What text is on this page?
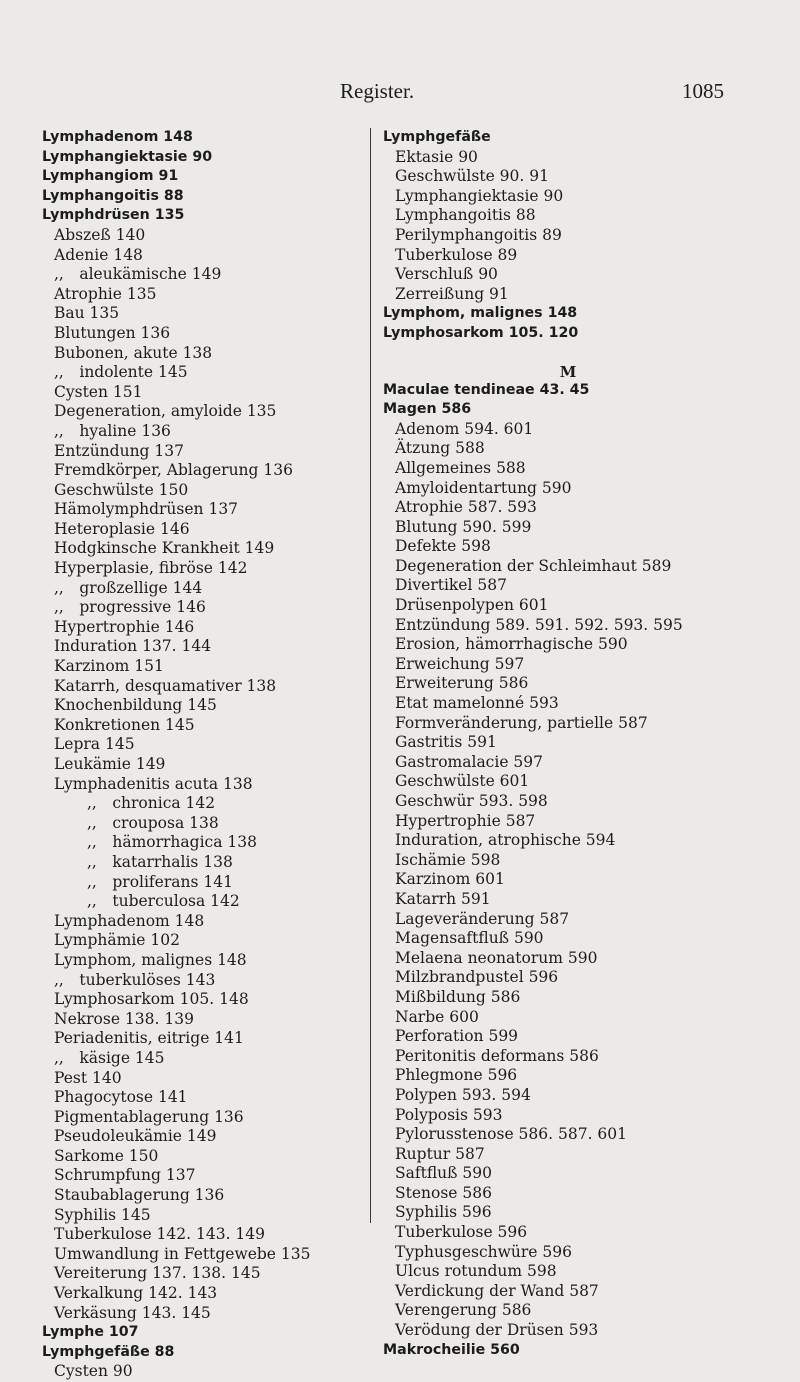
Register.	1085
Lymphadenom 148
Lymphangiektasie 90
Lymphangiom 91
Lymphangoitis 88
Lymphdrüsen 135
Abszeß 140
Adenie 148
,,  aleukämische 149
Atrophie 135
Bau 135
Blutungen 136
Bubonen, akute 138
,,  indolente 145
Cysten 151
Degeneration, amyloide 135
,,  hyaline 136
Entzündung 137
Fremdkörper, Ablagerung 136
Geschwülste 150
Hämolymphdrüsen 137
Heteroplasie 146
Hodgkinsche Krankheit 149
Hyperplasie, fibröse 142
,,  großzellige 144
,,  progressive 146
Hypertrophie 146
Induration 137. 144
Karzinom 151
Katarrh, desquamativer 138
Knochenbildung 145
Konkretionen 145
Lepra 145
Leukämie 149
Lymphadenitis acuta 138
,,  chronica 142
,,  crouposa 138
,,  hämorrhagica 138
,,  katarrhalis 138
,,  proliferans 141
,,  tuberculosa 142
Lymphadenom 148
Lymphämie 102
Lymphom, malignes 148
,,  tuberkulöses 143
Lymphosarkom 105. 148
Nekrose 138. 139
Periadenitis, eitrige 141
,,  käsige 145
Pest 140
Phagocytose 141
Pigmentablagerung 136
Pseudoleukämie 149
Sarkome 150
Schrumpfung 137
Staubablagerung 136
Syphilis 145
Tuberkulose 142. 143. 149
Umwandlung in Fettgewebe 135
Vereiterung 137. 138. 145
Verkalkung 142. 143
Verkäsung 143. 145
Lymphe 107
Lymphgefäße 88
Cysten 90
Lymphgefäße
Ektasie 90
Geschwülste 90. 91
Lymphangiektasie 90
Lymphangoitis 88
Perilymphangoitis 89
Tuberkulose 89
Verschluß 90
Zerreißung 91
Lymphom, malignes 148
Lymphosarkom 105. 120
M
Maculae tendineae 43. 45
Magen 586
Adenom 594. 601
Ätzung 588
Allgemeines 588
Amyloidentartung 590
Atrophie 587. 593
Blutung 590. 599
Defekte 598
Degeneration der Schleimhaut 589
Divertikel 587
Drüsenpolypen 601
Entzündung 589. 591. 592. 593. 595
Erosion, hämorrhagische 590
Erweichung 597
Erweiterung 586
Etat mamelonné 593
Formveränderung, partielle 587
Gastritis 591
Gastromalacie 597
Geschwülste 601
Geschwür 593. 598
Hypertrophie 587
Induration, atrophische 594
Ischämie 598
Karzinom 601
Katarrh 591
Lageveränderung 587
Magensaftfluß 590
Melaena neonatorum 590
Milzbrandpustel 596
Mißbildung 586
Narbe 600
Perforation 599
Peritonitis deformans 586
Phlegmone 596
Polypen 593. 594
Polyposis 593
Pylorusstenose 586. 587. 601
Ruptur 587
Saftfluß 590
Stenose 586
Syphilis 596
Tuberkulose 596
Typhusgeschwüre 596
Ulcus rotundum 598
Verdickung der Wand 587
Verengerung 586
Verödung der Drüsen 593
Makrocheilie 560
